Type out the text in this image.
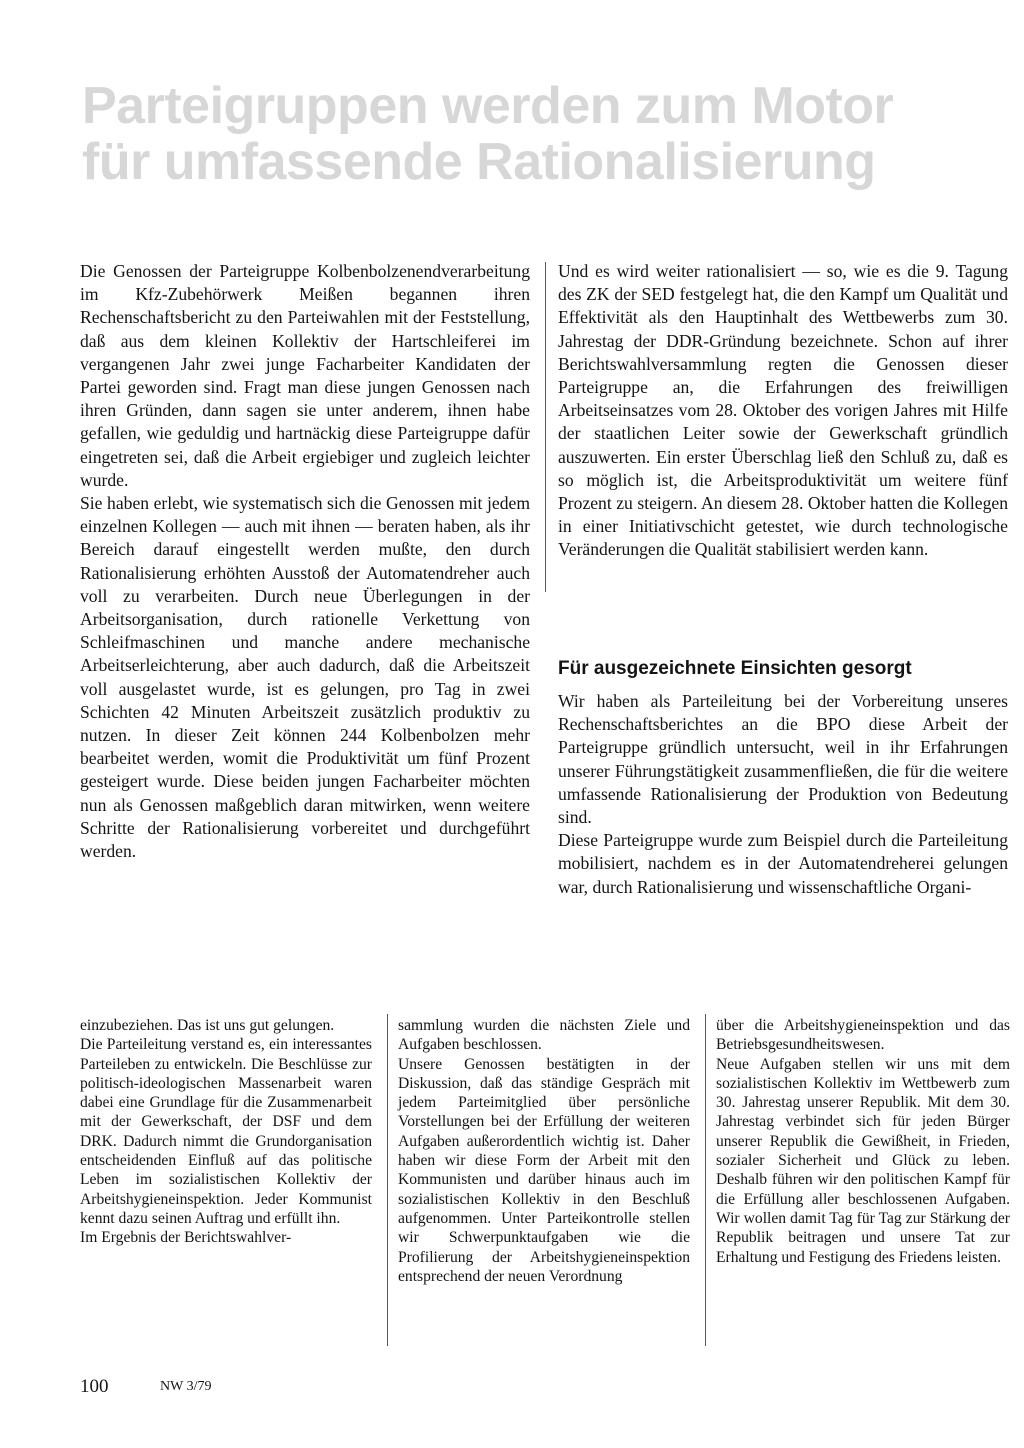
Parteigruppen werden zum Motor
für umfassende Rationalisierung

Die Genossen der Parteigruppe Kolbenbolzenendverarbeitung im Kfz-Zubehörwerk Meißen begannen ihren Rechenschaftsbericht zu den Parteiwahlen mit der Feststellung, daß aus dem kleinen Kollektiv der Hartschleiferei im vergangenen Jahr zwei junge Facharbeiter Kandidaten der Partei geworden sind. Fragt man diese jungen Genossen nach ihren Gründen, dann sagen sie unter anderem, ihnen habe gefallen, wie geduldig und hartnäckig diese Parteigruppe dafür eingetreten sei, daß die Arbeit ergiebiger und zugleich leichter wurde.

Sie haben erlebt, wie systematisch sich die Genossen mit jedem einzelnen Kollegen — auch mit ihnen — beraten haben, als ihr Bereich darauf eingestellt werden mußte, den durch Rationalisierung erhöhten Ausstoß der Automatendreher auch voll zu verarbeiten. Durch neue Überlegungen in der Arbeitsorganisation, durch rationelle Verkettung von Schleifmaschinen und manche andere mechanische Arbeitserleichterung, aber auch dadurch, daß die Arbeitszeit voll ausgelastet wurde, ist es gelungen, pro Tag in zwei Schichten 42 Minuten Arbeitszeit zusätzlich produktiv zu nutzen. In dieser Zeit können 244 Kolbenbolzen mehr bearbeitet werden, womit die Produktivität um fünf Prozent gesteigert wurde. Diese beiden jungen Facharbeiter möchten nun als Genossen maßgeblich daran mitwirken, wenn weitere Schritte der Rationalisierung vorbereitet und durchgeführt werden.

Und es wird weiter rationalisiert — so, wie es die 9. Tagung des ZK der SED festgelegt hat, die den Kampf um Qualität und Effektivität als den Hauptinhalt des Wettbewerbs zum 30. Jahrestag der DDR-Gründung bezeichnete. Schon auf ihrer Berichtswahlversammlung regten die Genossen dieser Parteigruppe an, die Erfahrungen des freiwilligen Arbeitseinsatzes vom 28. Oktober des vorigen Jahres mit Hilfe der staatlichen Leiter sowie der Gewerkschaft gründlich auszuwerten. Ein erster Überschlag ließ den Schluß zu, daß es so möglich ist, die Arbeitsproduktivität um weitere fünf Prozent zu steigern. An diesem 28. Oktober hatten die Kollegen in einer Initiativschicht getestet, wie durch technologische Veränderungen die Qualität stabilisiert werden kann.

Für ausgezeichnete Einsichten gesorgt

Wir haben als Parteileitung bei der Vorbereitung unseres Rechenschaftsberichtes an die BPO diese Arbeit der Parteigruppe gründlich untersucht, weil in ihr Erfahrungen unserer Führungstätigkeit zusammenfließen, die für die weitere umfassende Rationalisierung der Produktion von Bedeutung sind.

Diese Parteigruppe wurde zum Beispiel durch die Parteileitung mobilisiert, nachdem es in der Automatendreherei gelungen war, durch Rationalisierung und wissenschaftliche Organi-

einzubeziehen. Das ist uns gut gelungen.

Die Parteileitung verstand es, ein interessantes Parteileben zu entwickeln. Die Beschlüsse zur politisch-ideologischen Massenarbeit waren dabei eine Grundlage für die Zusammenarbeit mit der Gewerkschaft, der DSF und dem DRK. Dadurch nimmt die Grundorganisation entscheidenden Einfluß auf das politische Leben im sozialistischen Kollektiv der Arbeitshygieneinspektion. Jeder Kommunist kennt dazu seinen Auftrag und erfüllt ihn.

Im Ergebnis der Berichtswahlver-

sammlung wurden die nächsten Ziele und Aufgaben beschlossen.

Unsere Genossen bestätigten in der Diskussion, daß das ständige Gespräch mit jedem Parteimitglied über persönliche Vorstellungen bei der Erfüllung der weiteren Aufgaben außerordentlich wichtig ist. Daher haben wir diese Form der Arbeit mit den Kommunisten und darüber hinaus auch im sozialistischen Kollektiv in den Beschluß aufgenommen. Unter Parteikontrolle stellen wir Schwerpunktaufgaben wie die Profilierung der Arbeitshygieneinspektion entsprechend der neuen Verordnung

über die Arbeitshygieneinspektion und das Betriebsgesundheitswesen.

Neue Aufgaben stellen wir uns mit dem sozialistischen Kollektiv im Wettbewerb zum 30. Jahrestag unserer Republik. Mit dem 30. Jahrestag verbindet sich für jeden Bürger unserer Republik die Gewißheit, in Frieden, sozialer Sicherheit und Glück zu leben. Deshalb führen wir den politischen Kampf für die Erfüllung aller beschlossenen Aufgaben. Wir wollen damit Tag für Tag zur Stärkung der Republik beitragen und unsere Tat zur Erhaltung und Festigung des Friedens leisten.

100	NW 3/79
